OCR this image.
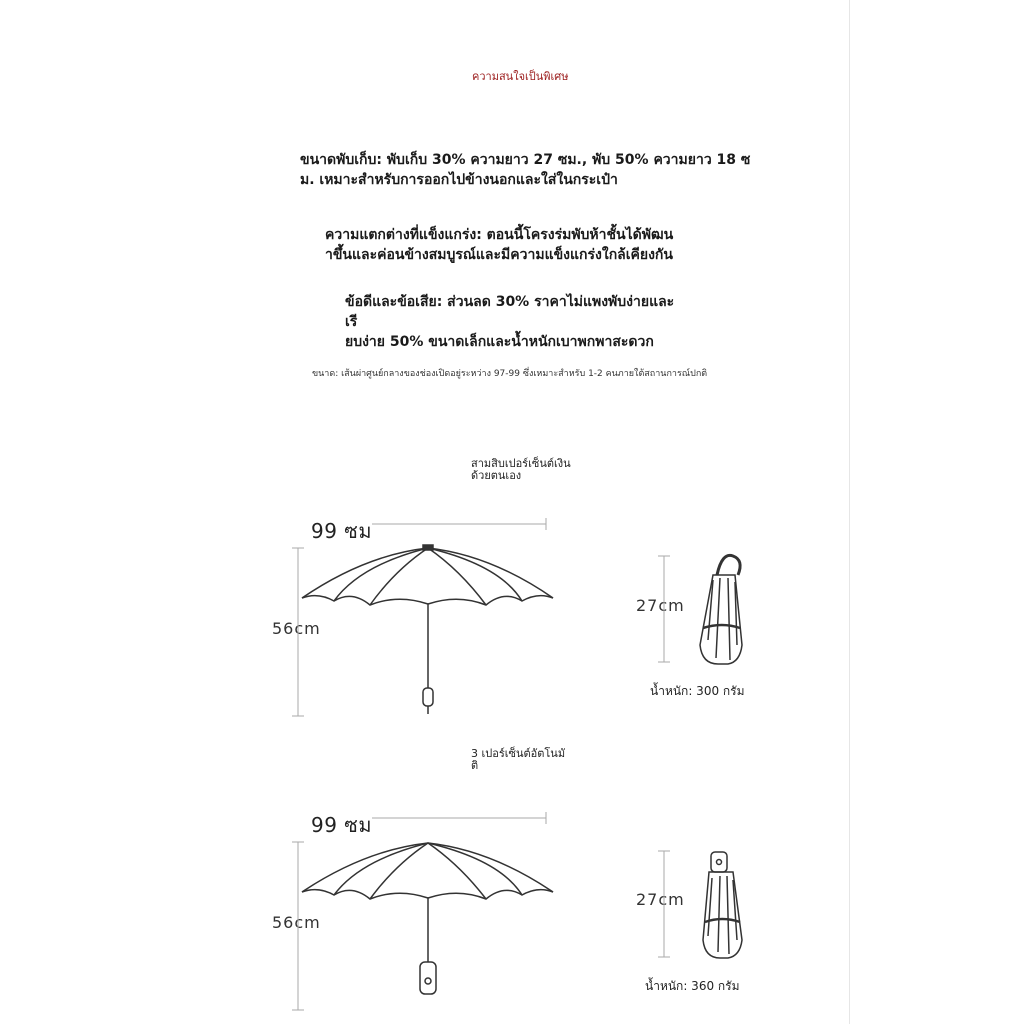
ความสนใจเป็นพิเศษ
ขนาดพับเก็บ: พับเก็บ 30% ความยาว 27 ซม., พับ 50% ความยาว 18 ซ
ม. เหมาะสำหรับการออกไปข้างนอกและใส่ในกระเป๋า
ความแตกต่างที่แข็งแกร่ง: ตอนนี้โครงร่มพับห้าชั้นได้พัฒน
าขึ้นและค่อนข้างสมบูรณ์และมีความแข็งแกร่งใกล้เคียงกัน
ข้อดีและข้อเสีย: ส่วนลด 30% ราคาไม่แพงพับง่ายและเรี
ยบง่าย 50% ขนาดเล็กและน้ำหนักเบาพกพาสะดวก
ขนาด: เส้นผ่าศูนย์กลางของช่องเปิดอยู่ระหว่าง 97-99 ซึ่งเหมาะสำหรับ 1-2 คนภายใต้สถานการณ์ปกติ
สามสิบเปอร์เซ็นต์เงิน
ด้วยตนเอง
99 ซม
56cm
27cm
น้ำหนัก: 300 กรัม
3 เปอร์เซ็นต์อัตโนมั
ติ
99 ซม
56cm
27cm
น้ำหนัก: 360 กรัม
